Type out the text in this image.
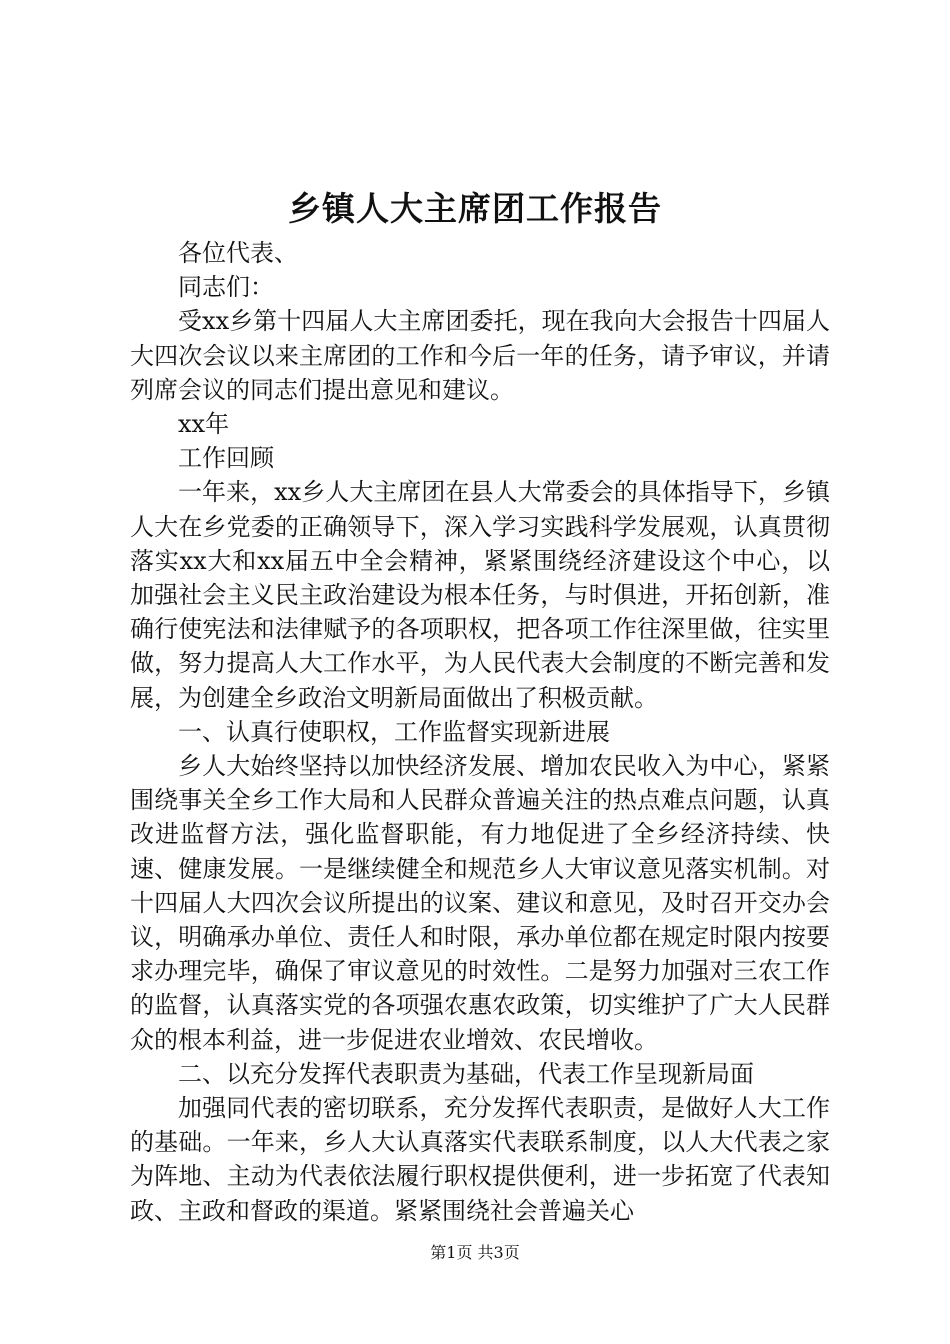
乡镇人大主席团工作报告

各位代表、

同志们：

受xx乡第十四届人大主席团委托，现在我向大会报告十四届人大四次会议以来主席团的工作和今后一年的任务，请予审议，并请列席会议的同志们提出意见和建议。

xx年

工作回顾

一年来，xx乡人大主席团在县人大常委会的具体指导下，乡镇人大在乡党委的正确领导下，深入学习实践科学发展观，认真贯彻落实xx大和xx届五中全会精神，紧紧围绕经济建设这个中心，以加强社会主义民主政治建设为根本任务，与时俱进，开拓创新，准确行使宪法和法律赋予的各项职权，把各项工作往深里做，往实里做，努力提高人大工作水平，为人民代表大会制度的不断完善和发展，为创建全乡政治文明新局面做出了积极贡献。

一、认真行使职权，工作监督实现新进展

乡人大始终坚持以加快经济发展、增加农民收入为中心，紧紧围绕事关全乡工作大局和人民群众普遍关注的热点难点问题，认真改进监督方法，强化监督职能，有力地促进了全乡经济持续、快速、健康发展。一是继续健全和规范乡人大审议意见落实机制。对十四届人大四次会议所提出的议案、建议和意见，及时召开交办会议，明确承办单位、责任人和时限，承办单位都在规定时限内按要求办理完毕，确保了审议意见的时效性。二是努力加强对三农工作的监督，认真落实党的各项强农惠农政策，切实维护了广大人民群众的根本利益，进一步促进农业增效、农民增收。

二、以充分发挥代表职责为基础，代表工作呈现新局面

加强同代表的密切联系，充分发挥代表职责，是做好人大工作的基础。一年来，乡人大认真落实代表联系制度，以人大代表之家为阵地、主动为代表依法履行职权提供便利，进一步拓宽了代表知政、主政和督政的渠道。紧紧围绕社会普遍关心

第1页 共3页
